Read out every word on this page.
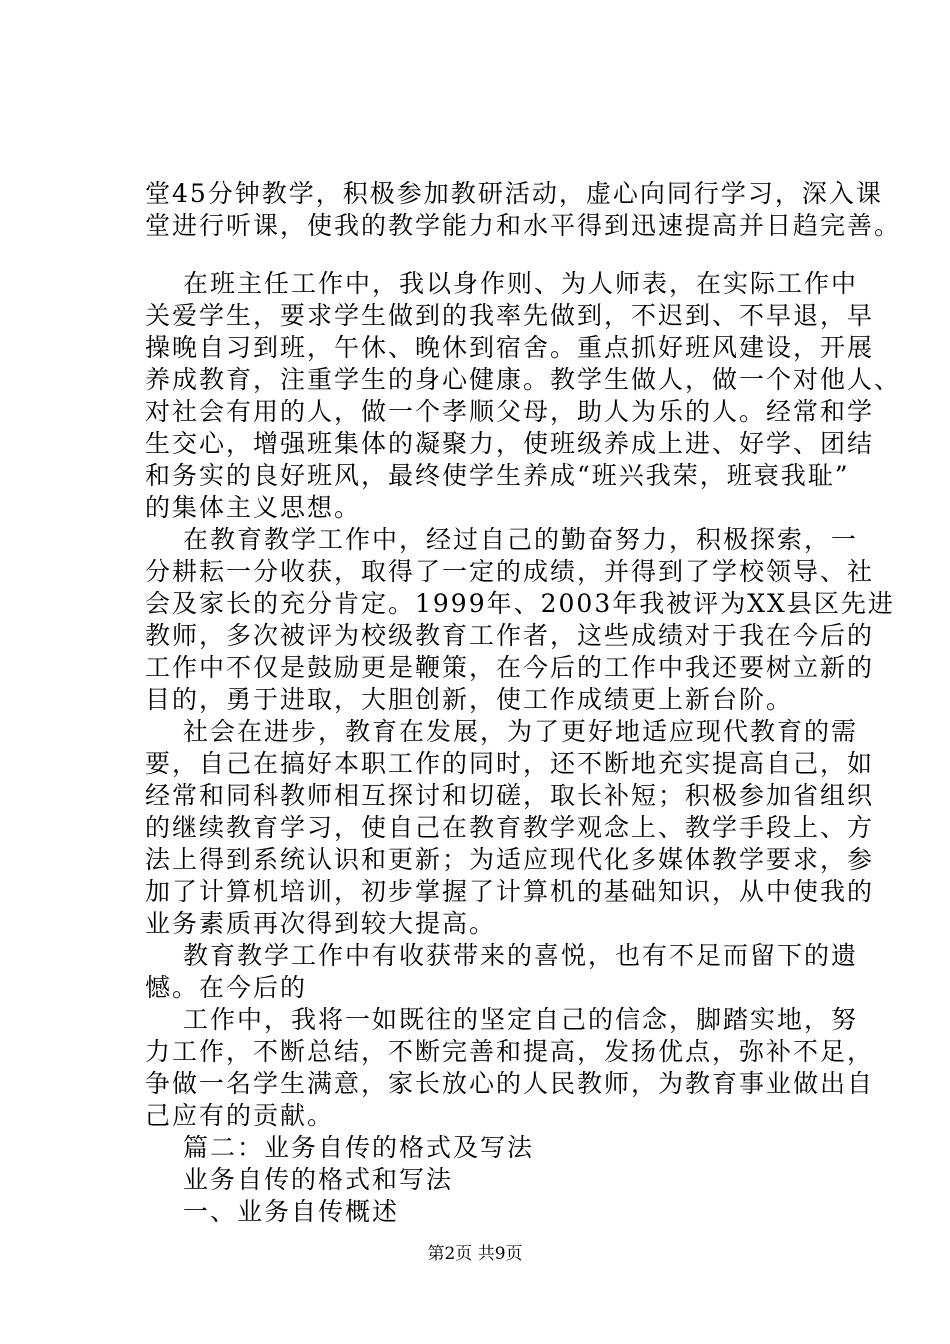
堂45分钟教学，积极参加教研活动，虚心向同行学习，深入课
堂进行听课，使我的教学能力和水平得到迅速提高并日趋完善。
在班主任工作中，我以身作则、为人师表，在实际工作中
关爱学生，要求学生做到的我率先做到，不迟到、不早退，早
操晚自习到班，午休、晚休到宿舍。重点抓好班风建设，开展
养成教育，注重学生的身心健康。教学生做人，做一个对他人、
对社会有用的人，做一个孝顺父母，助人为乐的人。经常和学
生交心，增强班集体的凝聚力，使班级养成上进、好学、团结
和务实的良好班风，最终使学生养成“班兴我荣，班衰我耻”
的集体主义思想。
在教育教学工作中，经过自己的勤奋努力，积极探索，一
分耕耘一分收获，取得了一定的成绩，并得到了学校领导、社
会及家长的充分肯定。1999年、2003年我被评为XX县区先进
教师，多次被评为校级教育工作者，这些成绩对于我在今后的
工作中不仅是鼓励更是鞭策，在今后的工作中我还要树立新的
目的，勇于进取，大胆创新，使工作成绩更上新台阶。
社会在进步，教育在发展，为了更好地适应现代教育的需
要，自己在搞好本职工作的同时，还不断地充实提高自己，如
经常和同科教师相互探讨和切磋，取长补短；积极参加省组织
的继续教育学习，使自己在教育教学观念上、教学手段上、方
法上得到系统认识和更新；为适应现代化多媒体教学要求，参
加了计算机培训，初步掌握了计算机的基础知识，从中使我的
业务素质再次得到较大提高。
教育教学工作中有收获带来的喜悦，也有不足而留下的遗
憾。在今后的
工作中，我将一如既往的坚定自己的信念，脚踏实地，努
力工作，不断总结，不断完善和提高，发扬优点，弥补不足，
争做一名学生满意，家长放心的人民教师，为教育事业做出自
己应有的贡献。
篇二：业务自传的格式及写法
业务自传的格式和写法
一、业务自传概述
第2页 共9页
